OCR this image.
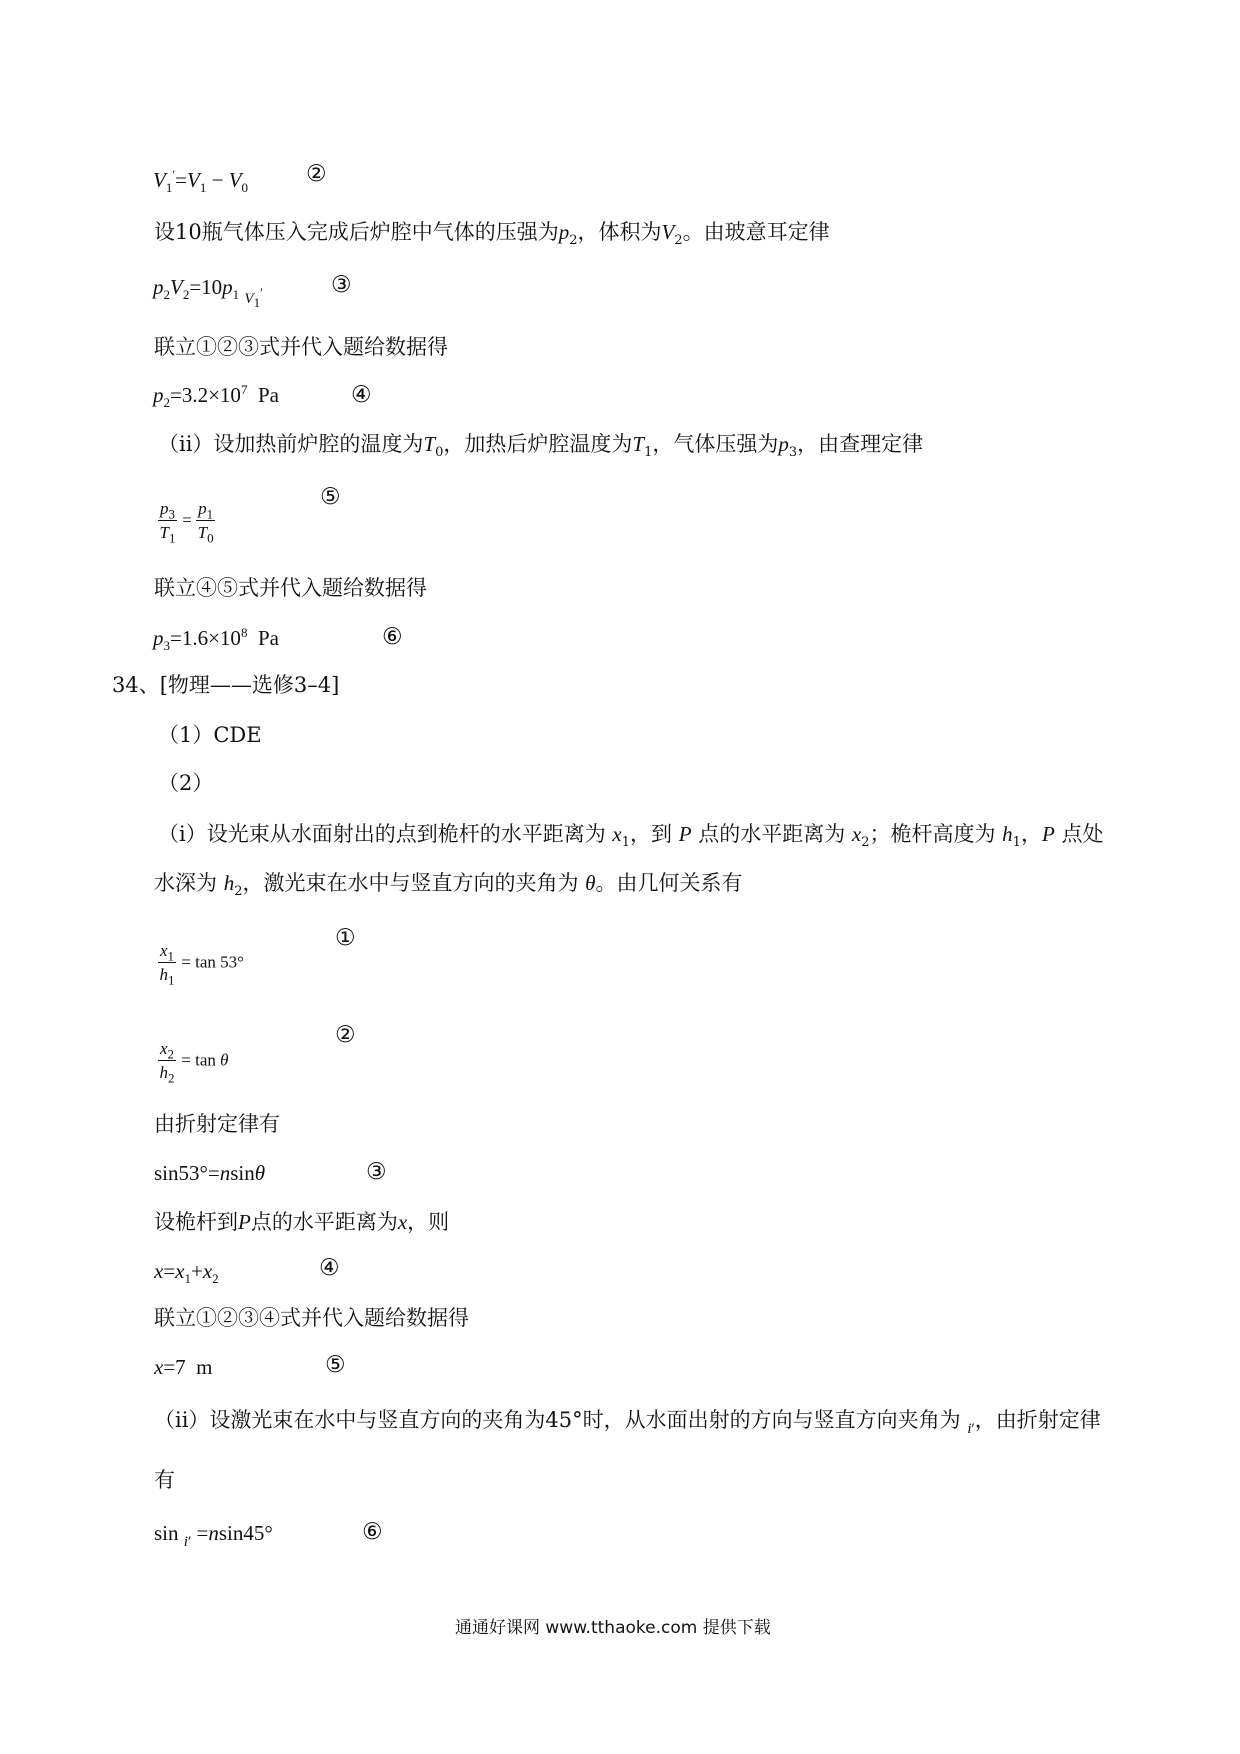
$V_1'=V_1 - V_0$
②
设10瓶气体压入完成后炉腔中气体的压强为$p_2$，体积为$V_2$。由玻意耳定律
$p_2V_2=10p_1$ $_{V_1'}$	③
联立①②③式并代入题给数据得
$p_2=3.2\times 10^7$  Pa	④
（ii）设加热前炉腔的温度为$T_0$，加热后炉腔温度为$T_1$，气体压强为$p_3$，由查理定律
$\frac{p_3}{T_1} = \frac{p_1}{T_0}$
⑤
联立④⑤式并代入题给数据得
$p_3=1.6\times 10^8$  Pa	⑥
34、[物理——选修3–4]
（1）CDE
（2）
（i）设光束从水面射出的点到桅杆的水平距离为 $x_1$，到 P 点的水平距离为 $x_2$；桅杆高度为 $h_1$，P 点处
水深为 $h_2$，激光束在水中与竖直方向的夹角为 θ。由几何关系有
$\frac{x_1}{h_1} = \tan 53^\circ$
①
$\frac{x_2}{h_2} = \tan \theta$
②
由折射定律有
sin53°=nsinθ	③
设桅杆到P点的水平距离为x，则
$x=x_1+x_2$	④
联立①②③④式并代入题给数据得
x=7  m	⑤
（ii）设激光束在水中与竖直方向的夹角为45°时，从水面出射的方向与竖直方向夹角为 $_{i'}$，由折射定律
有
sin $_{i'}$ =nsin45°	⑥
通通好课网 www.tthaoke.com 提供下载
